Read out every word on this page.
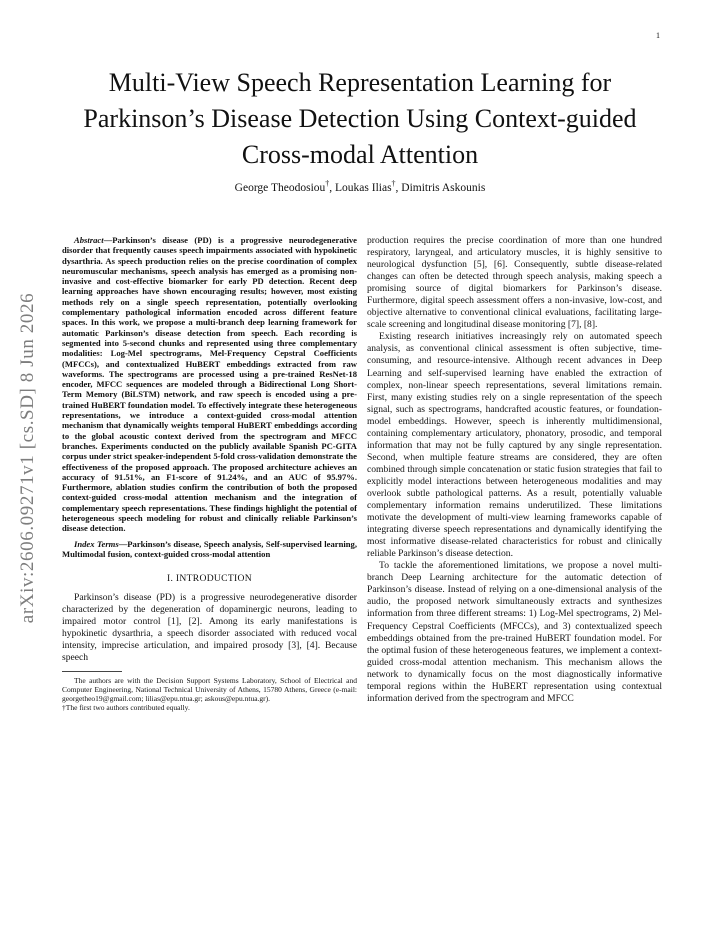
1
arXiv:2606.09271v1 [cs.SD] 8 Jun 2026
Multi-View Speech Representation Learning for Parkinson’s Disease Detection Using Context-guided Cross-modal Attention
George Theodosiou†, Loukas Ilias†, Dimitris Askounis

Abstract—Parkinson’s disease (PD) is a progressive neurodegenerative disorder that frequently causes speech impairments associated with hypokinetic dysarthria. As speech production relies on the precise coordination of complex neuromuscular mechanisms, speech analysis has emerged as a promising non-invasive and cost-effective biomarker for early PD detection. Recent deep learning approaches have shown encouraging results; however, most existing methods rely on a single speech representation, potentially overlooking complementary pathological information encoded across different feature spaces. In this work, we propose a multi-branch deep learning framework for automatic Parkinson’s disease detection from speech. Each recording is segmented into 5-second chunks and represented using three complementary modalities: Log-Mel spectrograms, Mel-Frequency Cepstral Coefficients (MFCCs), and contextualized HuBERT embeddings extracted from raw waveforms. The spectrograms are processed using a pre-trained ResNet-18 encoder, MFCC sequences are modeled through a Bidirectional Long Short-Term Memory (BiLSTM) network, and raw speech is encoded using a pre-trained HuBERT foundation model. To effectively integrate these heterogeneous representations, we introduce a context-guided cross-modal attention mechanism that dynamically weights temporal HuBERT embeddings according to the global acoustic context derived from the spectrogram and MFCC branches. Experiments conducted on the publicly available Spanish PC-GITA corpus under strict speaker-independent 5-fold cross-validation demonstrate the effectiveness of the proposed approach. The proposed architecture achieves an accuracy of 91.51%, an F1-score of 91.24%, and an AUC of 95.97%. Furthermore, ablation studies confirm the contribution of both the proposed context-guided cross-modal attention mechanism and the integration of complementary speech representations. These findings highlight the potential of heterogeneous speech modeling for robust and clinically reliable Parkinson’s disease detection.

Index Terms—Parkinson’s disease, Speech analysis, Self-supervised learning, Multimodal fusion, context-guided cross-modal attention

I. INTRODUCTION

Parkinson’s disease (PD) is a progressive neurodegenerative disorder characterized by the degeneration of dopaminergic neurons, leading to impaired motor control [1], [2]. Among its early manifestations is hypokinetic dysarthria, a speech disorder associated with reduced vocal intensity, imprecise articulation, and impaired prosody [3], [4]. Because speech

The authors are with the Decision Support Systems Laboratory, School of Electrical and Computer Engineering, National Technical University of Athens, 15780 Athens, Greece (e-mail: georgetheo19@gmail.com; lilias@epu.ntua.gr; askous@epu.ntua.gr).

†The first two authors contributed equally.

production requires the precise coordination of more than one hundred respiratory, laryngeal, and articulatory muscles, it is highly sensitive to neurological dysfunction [5], [6]. Consequently, subtle disease-related changes can often be detected through speech analysis, making speech a promising source of digital biomarkers for Parkinson’s disease. Furthermore, digital speech assessment offers a non-invasive, low-cost, and objective alternative to conventional clinical evaluations, facilitating large-scale screening and longitudinal disease monitoring [7], [8].

Existing research initiatives increasingly rely on automated speech analysis, as conventional clinical assessment is often subjective, time-consuming, and resource-intensive. Although recent advances in Deep Learning and self-supervised learning have enabled the extraction of complex, non-linear speech representations, several limitations remain. First, many existing studies rely on a single representation of the speech signal, such as spectrograms, handcrafted acoustic features, or foundation-model embeddings. However, speech is inherently multidimensional, containing complementary articulatory, phonatory, prosodic, and temporal information that may not be fully captured by any single representation. Second, when multiple feature streams are considered, they are often combined through simple concatenation or static fusion strategies that fail to explicitly model interactions between heterogeneous modalities and may overlook subtle pathological patterns. As a result, potentially valuable complementary information remains underutilized. These limitations motivate the development of multi-view learning frameworks capable of integrating diverse speech representations and dynamically identifying the most informative disease-related characteristics for robust and clinically reliable Parkinson’s disease detection.

To tackle the aforementioned limitations, we propose a novel multi-branch Deep Learning architecture for the automatic detection of Parkinson’s disease. Instead of relying on a one-dimensional analysis of the audio, the proposed network simultaneously extracts and synthesizes information from three different streams: 1) Log-Mel spectrograms, 2) Mel-Frequency Cepstral Coefficients (MFCCs), and 3) contextualized speech embeddings obtained from the pre-trained HuBERT foundation model. For the optimal fusion of these heterogeneous features, we implement a context-guided cross-modal attention mechanism. This mechanism allows the network to dynamically focus on the most diagnostically informative temporal regions within the HuBERT representation using contextual information derived from the spectrogram and MFCC
